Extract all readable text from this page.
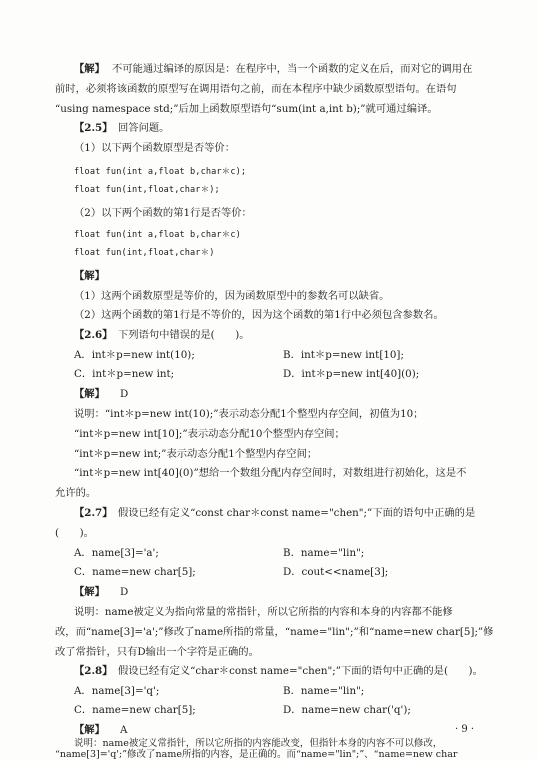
【解】 不可能通过编译的原因是：在程序中，当一个函数的定义在后，而对它的调用在
前时，必须将该函数的原型写在调用语句之前，而在本程序中缺少函数原型语句。在语句
“using namespace std;”后加上函数原型语句“sum(int a,int b);”就可通过编译。
【2.5】 回答问题。
（1）以下两个函数原型是否等价：
float fun(int a,float b,char＊c);
float fun(int,float,char＊);
（2）以下两个函数的第1行是否等价：
float fun(int a,float b,char＊c)
float fun(int,float,char＊)
【解】
（1）这两个函数原型是等价的，因为函数原型中的参数名可以缺省。
（2）这两个函数的第1行是不等价的，因为这个函数的第1行中必须包含参数名。
【2.6】 下列语句中错误的是(　　)。
A．int＊p=new int(10);	B．int＊p=new int[10];
C．int＊p=new int;	D．int＊p=new int[40](0);
【解】 D
说明：“int＊p=new int(10);”表示动态分配1个整型内存空间，初值为10；
“int＊p=new int[10];”表示动态分配10个整型内存空间；
“int＊p=new int;”表示动态分配1个整型内存空间；
“int＊p=new int[40](0)”想给一个数组分配内存空间时，对数组进行初始化，这是不
允许的。
【2.7】 假设已经有定义“const char＊const name="chen";”下面的语句中正确的是
(　　)。
A．name[3]='a';	B．name="lin";
C．name=new char[5];	D．cout<<name[3];
【解】 D
说明：name被定义为指向常量的常指针，所以它所指的内容和本身的内容都不能修
改，而“name[3]='a';”修改了name所指的常量，“name="lin";”和“name=new char[5];”修
改了常指针，只有D输出一个字符是正确的。
【2.8】 假设已经有定义“char＊const name="chen";”下面的语句中正确的是(　　)。
A．name[3]='q';	B．name="lin";
C．name=new char[5];	D．name=new char('q');
【解】 A
说明：name被定义常指针，所以它所指的内容能改变，但指针本身的内容不可以修改，
“name[3]='q';”修改了name所指的内容，是正确的。而“name="lin";”、“name=new char
· 9 ·
